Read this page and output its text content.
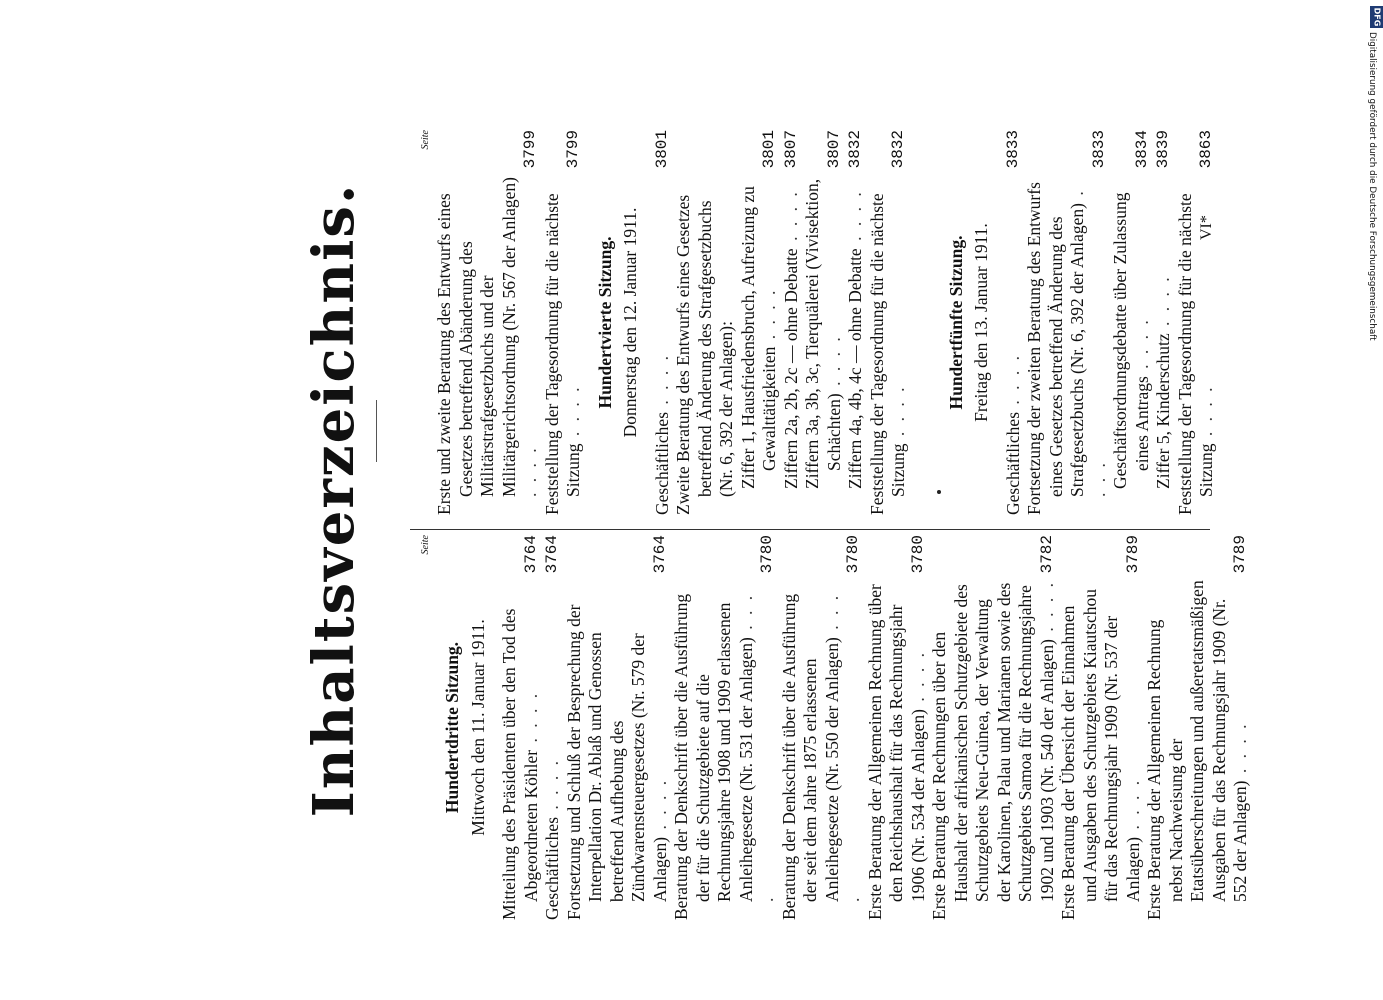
Inhaltsverzeichnis.	Seite
Hundertdritte Sitzung. Mittwoch den 11. Januar 1911. Mitteilung des Präsidenten über den Tod des Abgeordneten Köhler . . . .
3764
Geschäftliches . . . .
3764
Fortsetzung und Schluß der Besprechung der Interpellation Dr. Ablaß und Genossen betreffend Aufhebung des Zündwarensteuergesetzes (Nr. 579 der Anlagen) . . . .
3764
Beratung der Denkschrift über die Ausführung der für die Schutzgebiete auf die Rechnungsjahre 1908 und 1909 erlassenen Anleihegesetze (Nr. 531 der Anlagen) . . . .
3780
Beratung der Denkschrift über die Ausführung der seit dem Jahre 1875 erlassenen Anleihegesetze (Nr. 550 der Anlagen) . . . .
3780
Erste Beratung der Allgemeinen Rechnung über den Reichshaushalt für das Rechnungsjahr 1906 (Nr. 534 der Anlagen) . . . .
3780
Erste Beratung der Rechnungen über den Haushalt der afrikanischen Schutzgebiete des Schutzgebiets Neu-Guinea, der Verwaltung der Karolinen, Palau und Marianen sowie des Schutzgebiets Samoa für die Rechnungsjahre 1902 und 1903 (Nr. 540 der Anlagen) . . . .
3782
Erste Beratung der Übersicht der Einnahmen und Ausgaben des Schutzgebiets Kiautschou für das Rechnungsjahr 1909 (Nr. 537 der Anlagen) . . . .
3789
Erste Beratung der Allgemeinen Rechnung nebst Nachweisung der Etatsüberschreitungen und außeretatsmäßigen Ausgaben für das Rechnungsjahr 1909 (Nr. 552 der Anlagen) . . . .
3789
Seite
Erste und zweite Beratung des Entwurfs eines Gesetzes betreffend Abänderung des Militärstrafgesetzbuchs und der Militärgerichtsordnung (Nr. 567 der Anlagen) . . . .
3799
Feststellung der Tagesordnung für die nächste Sitzung . . . .
3799
Hundertvierte Sitzung. Donnerstag den 12. Januar 1911.
Geschäftliches . . . .
3801
Zweite Beratung des Entwurfs eines Gesetzes betreffend Änderung des Strafgesetzbuchs (Nr. 6, 392 der Anlagen): Ziffer 1, Hausfriedensbruch, Aufreizung zu Gewalttätigkeiten . . . .
3801
Ziffern 2a, 2b, 2c — ohne Debatte . . . .
3807
Ziffern 3a, 3b, 3c, Tierquälerei (Vivisektion, Schächten) . . . .
3807
Ziffern 4a, 4b, 4c — ohne Debatte . . . .
3832
Feststellung der Tagesordnung für die nächste Sitzung . . . .
3832
Hundertfünfte Sitzung. Freitag den 13. Januar 1911.
Geschäftliches . . . .
3833
Fortsetzung der zweiten Beratung des Entwurfs eines Gesetzes betreffend Änderung des Strafgesetzbuchs (Nr. 6, 392 der Anlagen) . . . .
3833
Geschäftsordnungsdebatte über Zulassung eines Antrags . . . .
3834
Ziffer 5, Kinderschutz . . . .
3839
Feststellung der Tagesordnung für die nächste Sitzung . . . .
3863
VI*
DFG
Digitalisierung gefördert durch die Deutsche Forschungsgemeinschaft
